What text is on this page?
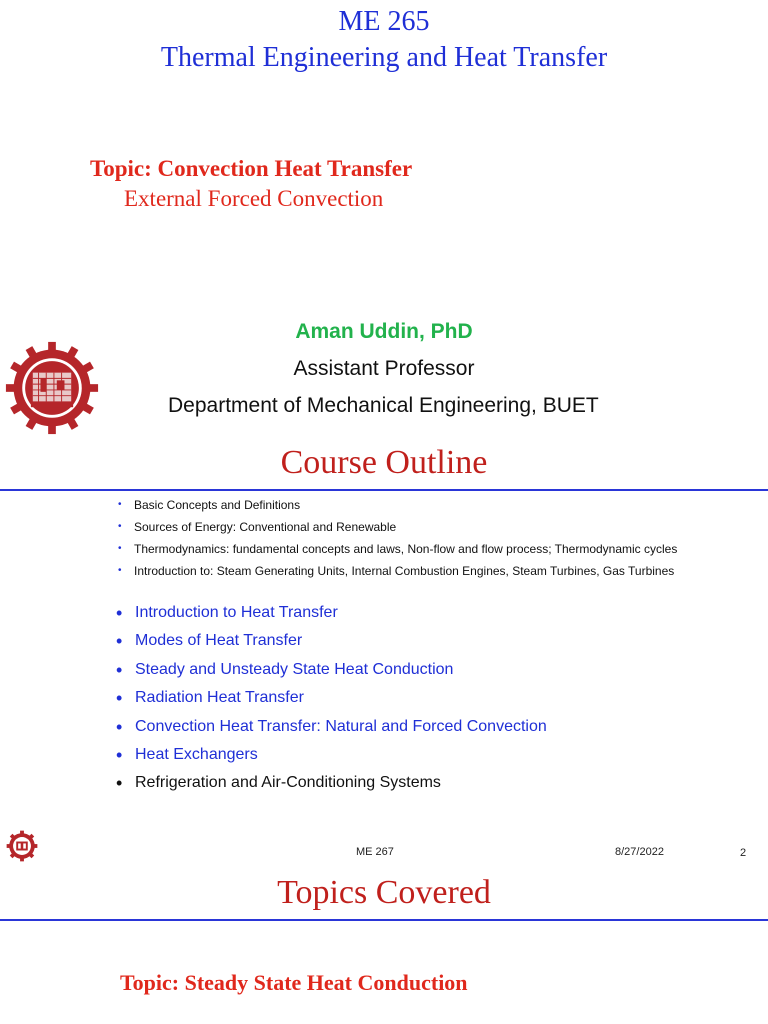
ME 265
Thermal Engineering and Heat Transfer
Topic: Convection Heat Transfer
External Forced Convection
Aman Uddin, PhD
Assistant Professor
Department of Mechanical Engineering, BUET
Course Outline
• Basic Concepts and Definitions
• Sources of Energy: Conventional and Renewable
• Thermodynamics: fundamental concepts and laws, Non-flow and flow process; Thermodynamic cycles
• Introduction to: Steam Generating Units, Internal Combustion Engines, Steam Turbines, Gas Turbines
• Introduction to Heat Transfer
• Modes of Heat Transfer
• Steady and Unsteady State Heat Conduction
• Radiation Heat Transfer
• Convection Heat Transfer: Natural and Forced Convection
• Heat Exchangers
• Refrigeration and Air-Conditioning Systems
ME 267	8/27/2022	2
Topics Covered
Topic: Steady State Heat Conduction
